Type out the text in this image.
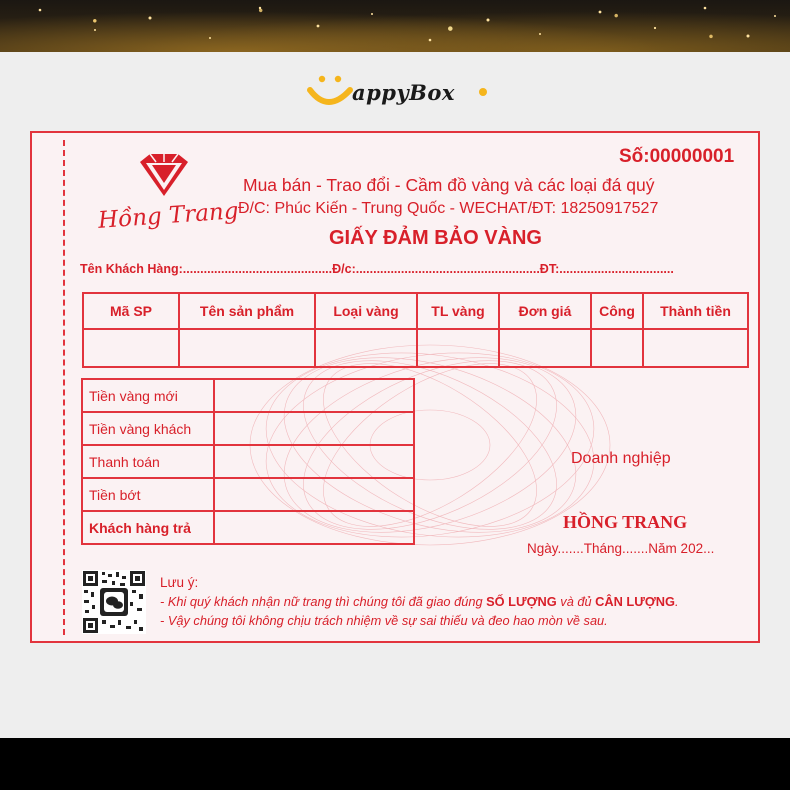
appyBox
Hồng Trang
Số:00000001
Mua bán - Trao đổi - Cầm đồ vàng và các loại đá quý
Đ/C: Phúc Kiến - Trung Quốc - WECHAT/ĐT: 18250917527
GIẤY ĐẢM BẢO VÀNG
Tên Khách Hàng:...........................................Đ/c:.....................................................ĐT:.................................
Mã SP	Tên sản phẩm	Loại vàng	TL vàng	Đơn giá	Công	Thành tiền

Tiền vàng mới	
Tiền vàng khách	
Thanh toán	
Tiền bớt	
Khách hàng trả	
Doanh nghiệp
HỒNG TRANG
Ngày.......Tháng.......Năm 202...
Lưu ý:
- Khi quý khách nhận nữ trang thì chúng tôi đã giao đúng SỐ LƯỢNG và đủ CÂN LƯỢNG.
- Vậy chúng tôi không chịu trách nhiệm về sự sai thiếu và đeo hao mòn về sau.
